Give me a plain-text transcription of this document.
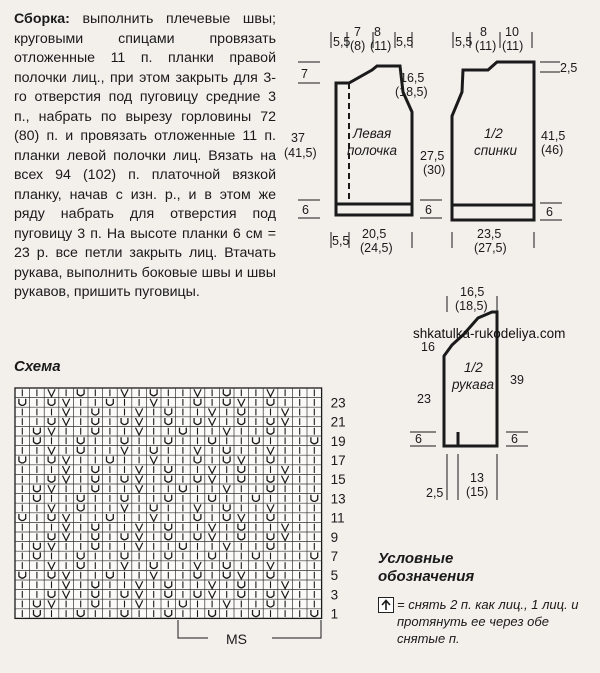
Сборка: выполнить плечевые швы; круговыми спицами провязать отложенные 11 п. планки правой полочки лиц., при этом закрыть для 3-го отверстия под пуговицу средние 3 п., набрать по вырезу горловины 72 (80) п. и провязать отложенные 11 п. планки левой полочки лиц. Вязать на всех 94 (102) п. платочной вязкой планку, начав с изн. р., и в этом же ряду набрать для отверстия под пуговицу 3 п. На высоте планки 6 см = 23 р. все петли закрыть лиц. Втачать рукава, выполнить боковые швы и швы рукавов, пришить пуговицы.
Схема
5,5
7
(8)
8
(11) 5,5
7	16,5
(18,5)
37
(41,5)
Левая
полочка 27,5
(30)
6	6
5,5 20,5
(24,5)
5,5
8
(11)
10
(11)
2,5
41,5
(46)
1/2
спинки
6
23,5
(27,5)
16,5
(18,5)
16
1/2
рукава 39
23
6	6
2,5
13
(15)
1
3
5
7
9
11
13
15
17
19
21
23
MS
shkatulka-rukodeliya.com
Условные
обозначения
= снять 2 п. как лиц., 1 лиц. и протянуть ее через обе снятые п.
